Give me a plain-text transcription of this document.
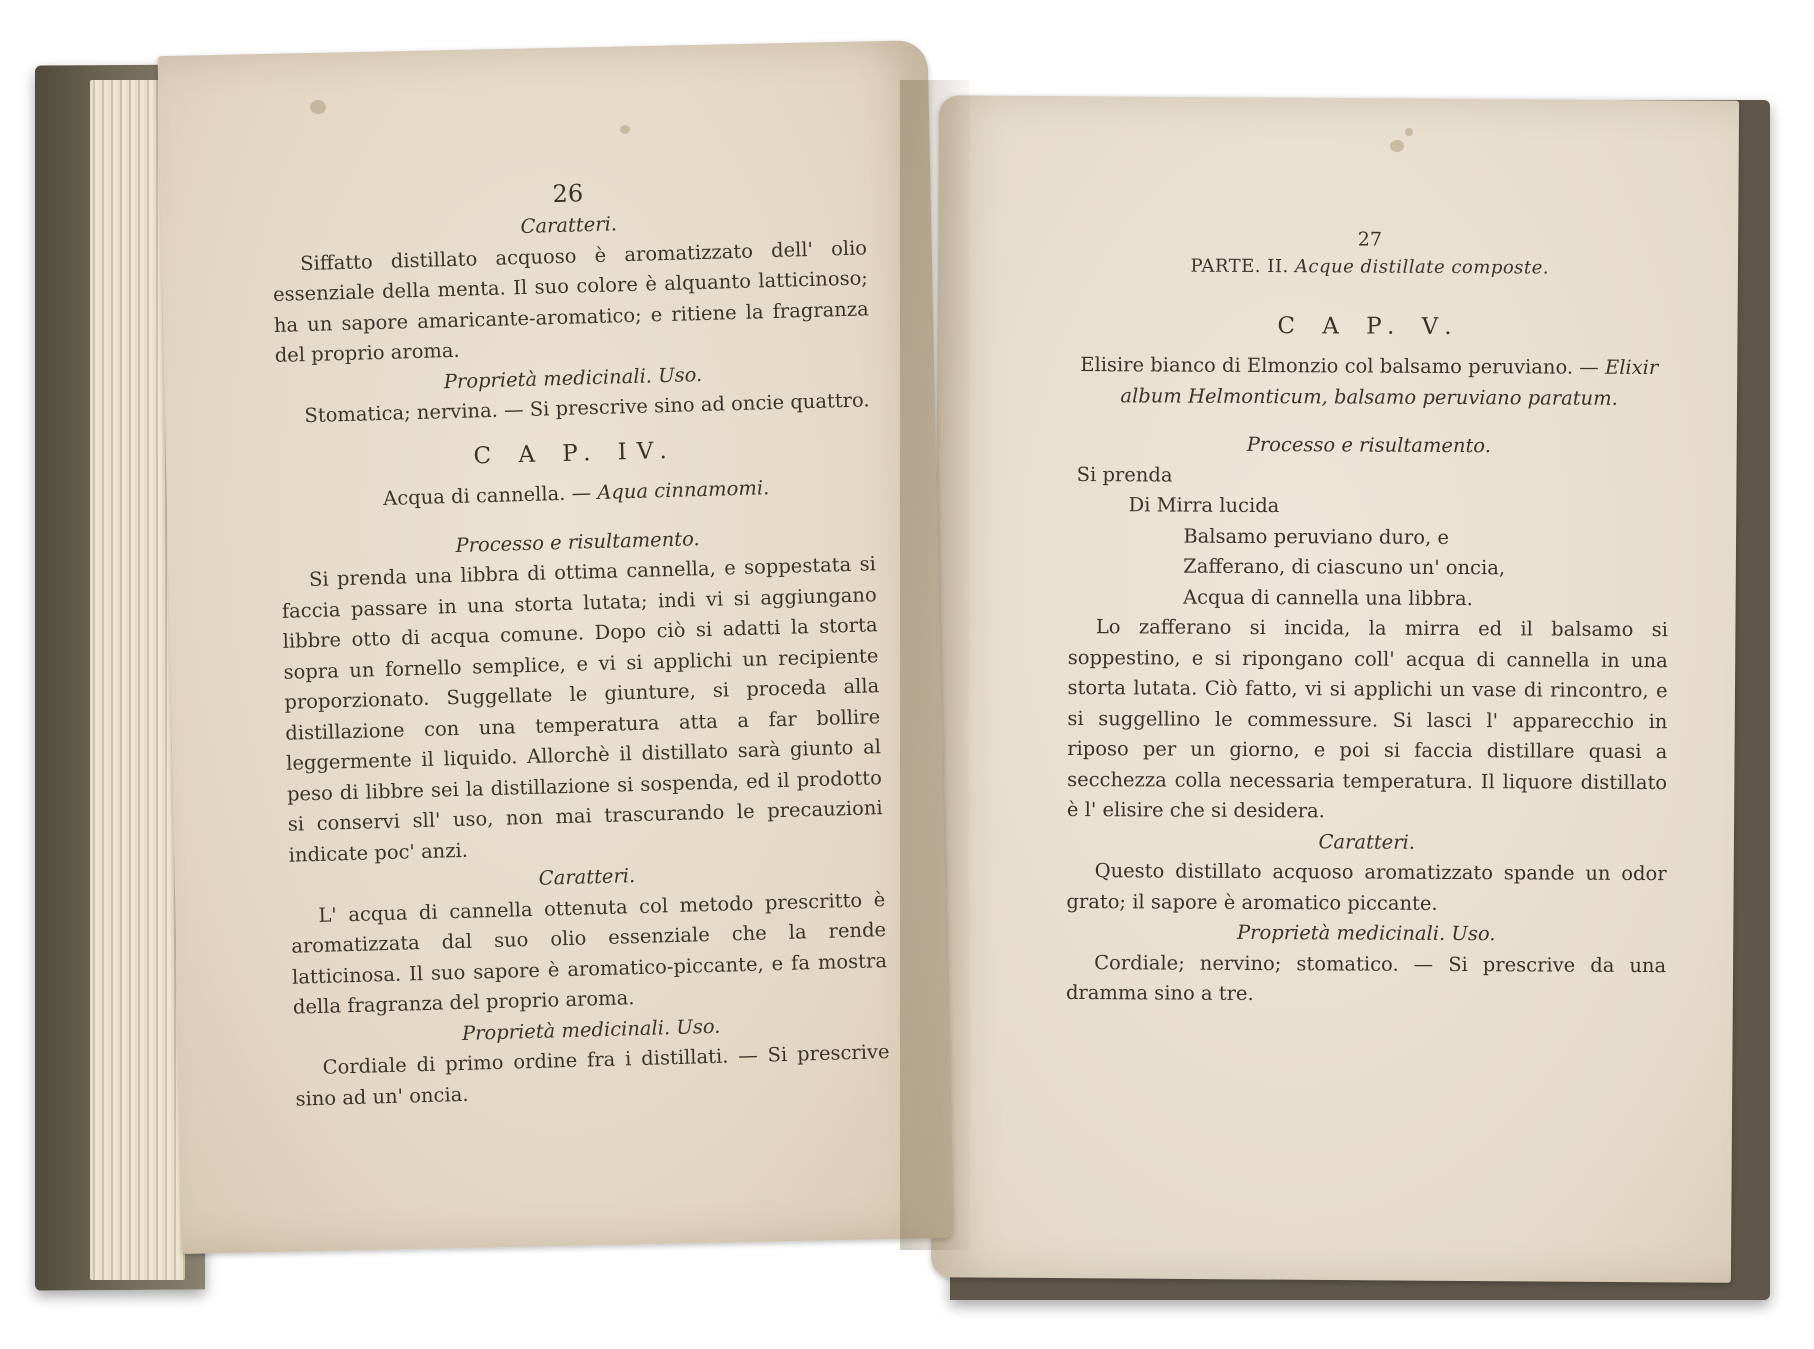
26
Caratteri.

Siffatto distillato acquoso è aromatizzato dell' olio essenziale della menta. Il suo colore è alquanto latticinoso; ha un sapore amaricante-aromatico; e ritiene la fragranza del proprio aroma.

Proprietà medicinali. Uso.

Stomatica; nervina. — Si prescrive sino ad oncie quattro.

C A P. IV.
Acqua di cannella. — Aqua cinnamomi.
Processo e risultamento.

Si prenda una libbra di ottima cannella, e soppestata si faccia passare in una storta lutata; indi vi si aggiungano libbre otto di acqua comune. Dopo ciò si adatti la storta sopra un fornello semplice, e vi si applichi un recipiente proporzionato. Suggellate le giunture, si proceda alla distillazione con una temperatura atta a far bollire leggermente il liquido. Allorchè il distillato sarà giunto al peso di libbre sei la distillazione si sospenda, ed il prodotto si conservi sll' uso, non mai trascurando le precauzioni indicate poc' anzi.

Caratteri.

L' acqua di cannella ottenuta col metodo prescritto è aromatizzata dal suo olio essenziale che la rende latticinosa. Il suo sapore è aromatico-piccante, e fa mostra della fragranza del proprio aroma.

Proprietà medicinali. Uso.

Cordiale di primo ordine fra i distillati. — Si prescrive sino ad un' oncia.

27
PARTE. II. Acque distillate composte.
C A P. V.
Elisire bianco di Elmonzio col balsamo peruviano. — Elixir album Helmonticum, balsamo peruviano paratum.
Processo e risultamento.
Si prenda
Di Mirra lucida
Balsamo peruviano duro, e
Zafferano, di ciascuno un' oncia,
Acqua di cannella una libbra.

Lo zafferano si incida, la mirra ed il balsamo si soppestino, e si ripongano coll' acqua di cannella in una storta lutata. Ciò fatto, vi si applichi un vase di rincontro, e si suggellino le commessure. Si lasci l' apparecchio in riposo per un giorno, e poi si faccia distillare quasi a secchezza colla necessaria temperatura. Il liquore distillato è l' elisire che si desidera.

Caratteri.

Questo distillato acquoso aromatizzato spande un odor grato; il sapore è aromatico piccante.

Proprietà medicinali. Uso.

Cordiale; nervino; stomatico. — Si prescrive da una dramma sino a tre.
